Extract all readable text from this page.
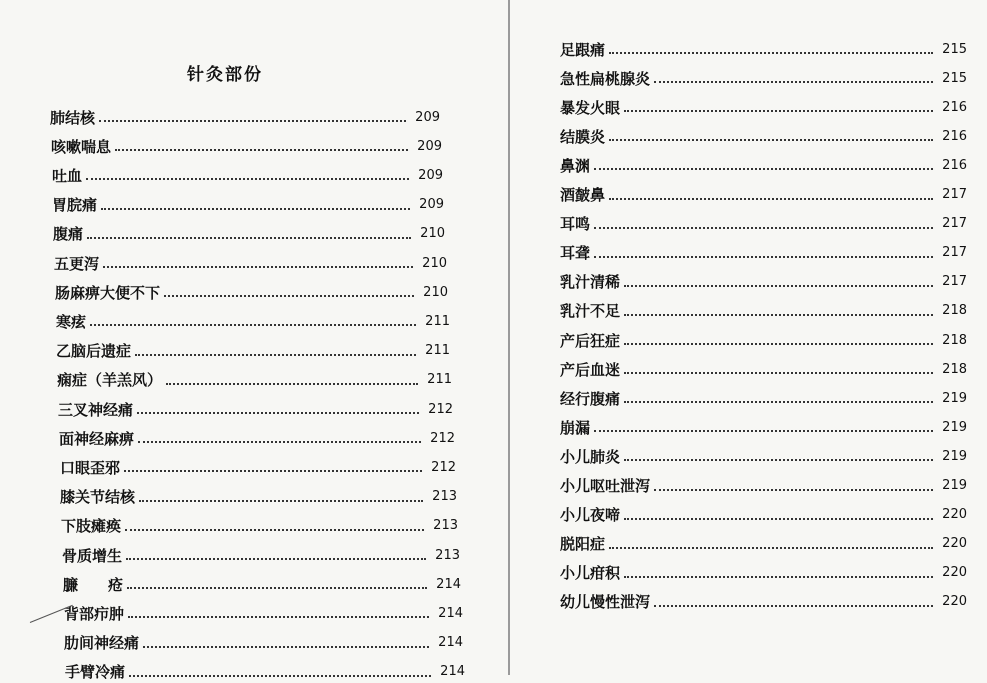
针灸部份
肺结核	209
咳嗽喘息	209
吐血	209
胃脘痛	209
腹痛	210
五更泻	210
肠麻痹大便不下	210
寒痃	211
乙脑后遗症	211
痫症（羊羔风）	211
三叉神经痛	212
面神经麻痹	212
口眼歪邪	212
膝关节结核	213
下肢瘫痪	213
骨质增生	213
臁　　疮	214
背部疖肿	214
肋间神经痛	214
手臂冷痛	214
足跟痛	215
急性扁桃腺炎	215
暴发火眼	216
结膜炎	216
鼻渊	216
酒皶鼻	217
耳鸣	217
耳聋	217
乳汁清稀	217
乳汁不足	218
产后狂症	218
产后血迷	218
经行腹痛	219
崩漏	219
小儿肺炎	219
小儿呕吐泄泻	219
小儿夜啼	220
脱阳症	220
小儿疳积	220
幼儿慢性泄泻	220
